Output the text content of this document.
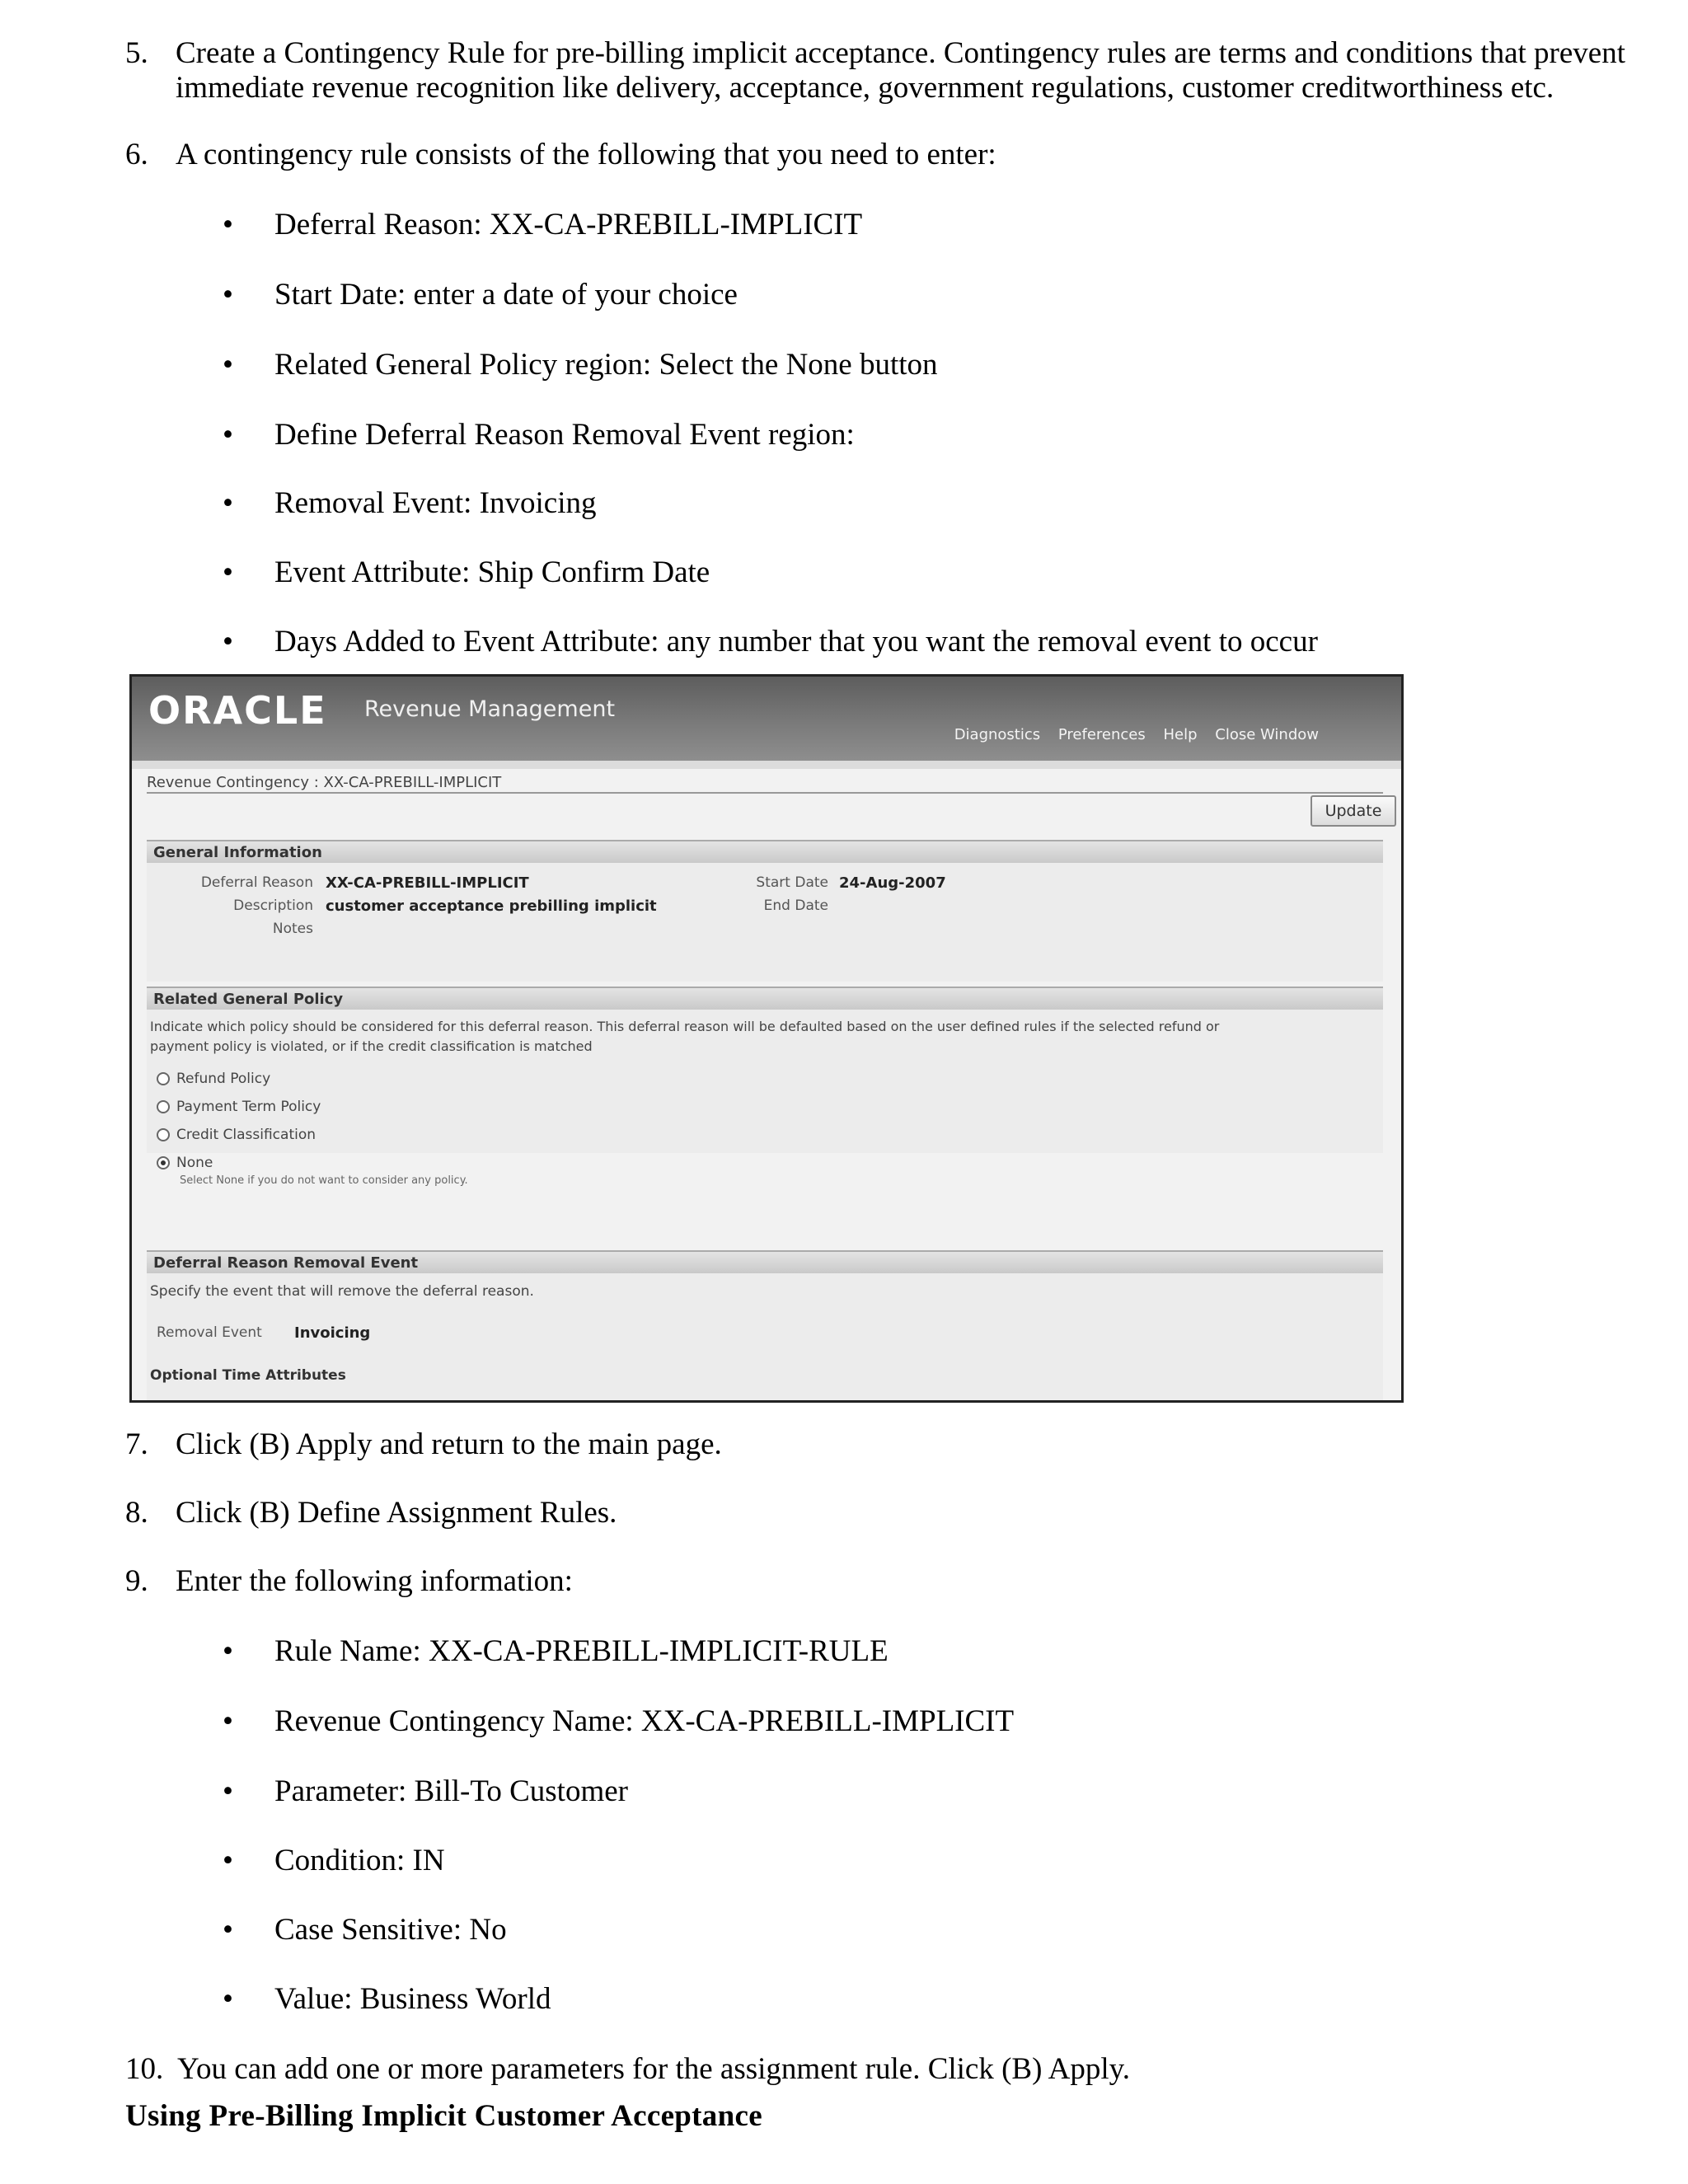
5. Create a Contingency Rule for pre-billing implicit acceptance. Contingency rules are terms and conditions that prevent
immediate revenue recognition like delivery, acceptance, government regulations, customer creditworthiness etc.
6. A contingency rule consists of the following that you need to enter:
• Deferral Reason: XX-CA-PREBILL-IMPLICIT
• Start Date: enter a date of your choice
• Related General Policy region: Select the None button
• Define Deferral Reason Removal Event region:
• Removal Event: Invoicing
• Event Attribute: Ship Confirm Date
• Days Added to Event Attribute: any number that you want the removal event to occur
ORACLE Revenue Management
Diagnostics Preferences Help Close Window
Revenue Contingency : XX-CA-PREBILL-IMPLICIT
Update
General Information
Deferral Reason XX-CA-PREBILL-IMPLICIT
Description customer acceptance prebilling implicit
Notes
Start Date 24-Aug-2007
End Date
Related General Policy
Indicate which policy should be considered for this deferral reason. This deferral reason will be defaulted based on the user defined rules if the selected refund or
payment policy is violated, or if the credit classification is matched
Refund Policy
Payment Term Policy
Credit Classification
None
Select None if you do not want to consider any policy.
Deferral Reason Removal Event
Specify the event that will remove the deferral reason.
Removal Event Invoicing
Optional Time Attributes
7. Click (B) Apply and return to the main page.
8. Click (B) Define Assignment Rules.
9. Enter the following information:
• Rule Name: XX-CA-PREBILL-IMPLICIT-RULE
• Revenue Contingency Name: XX-CA-PREBILL-IMPLICIT
• Parameter: Bill-To Customer
• Condition: IN
• Case Sensitive: No
• Value: Business World
10. You can add one or more parameters for the assignment rule. Click (B) Apply.
Using Pre-Billing Implicit Customer Acceptance
